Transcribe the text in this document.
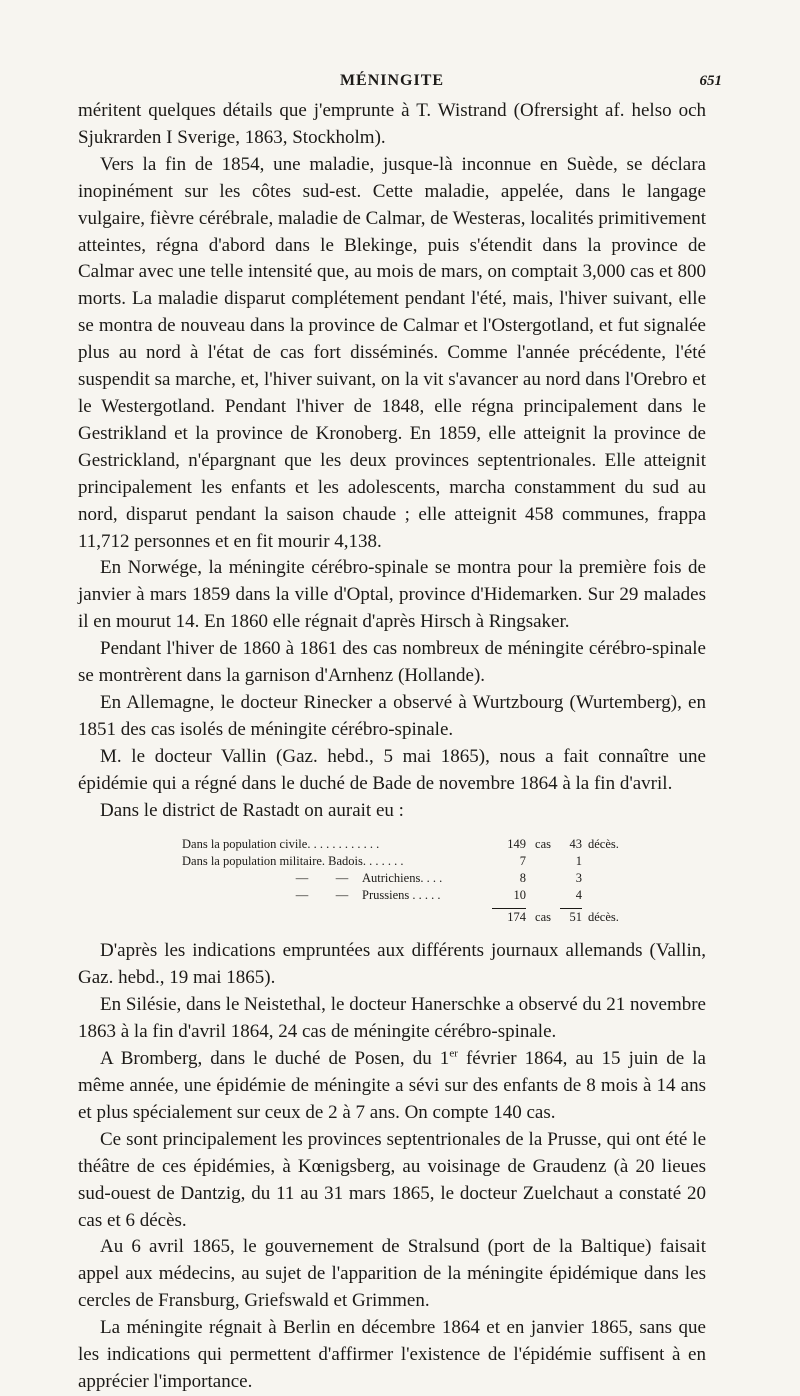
MÉNINGITE	651

méritent quelques détails que j'emprunte à T. Wistrand (Ofrersight af. helso och Sjukrarden I Sverige, 1863, Stockholm).

Vers la fin de 1854, une maladie, jusque-là inconnue en Suède, se déclara inopinément sur les côtes sud-est. Cette maladie, appelée, dans le langage vulgaire, fièvre cérébrale, maladie de Calmar, de Westeras, localités primitivement atteintes, régna d'abord dans le Blekinge, puis s'étendit dans la province de Calmar avec une telle intensité que, au mois de mars, on comptait 3,000 cas et 800 morts. La maladie disparut complétement pendant l'été, mais, l'hiver suivant, elle se montra de nouveau dans la province de Calmar et l'Ostergotland, et fut signalée plus au nord à l'état de cas fort disséminés. Comme l'année précédente, l'été suspendit sa marche, et, l'hiver suivant, on la vit s'avancer au nord dans l'Orebro et le Westergotland. Pendant l'hiver de 1848, elle régna principalement dans le Gestrikland et la province de Kronoberg. En 1859, elle atteignit la province de Gestrickland, n'épargnant que les deux provinces septentrionales. Elle atteignit principalement les enfants et les adolescents, marcha constamment du sud au nord, disparut pendant la saison chaude ; elle atteignit 458 communes, frappa 11,712 personnes et en fit mourir 4,138.

En Norwége, la méningite cérébro-spinale se montra pour la première fois de janvier à mars 1859 dans la ville d'Optal, province d'Hidemarken. Sur 29 malades il en mourut 14. En 1860 elle régnait d'après Hirsch à Ringsaker.

Pendant l'hiver de 1860 à 1861 des cas nombreux de méningite cérébro-spinale se montrèrent dans la garnison d'Arnhenz (Hollande).

En Allemagne, le docteur Rinecker a observé à Wurtzbourg (Wurtemberg), en 1851 des cas isolés de méningite cérébro-spinale.

M. le docteur Vallin (Gaz. hebd., 5 mai 1865), nous a fait connaître une épidémie qui a régné dans le duché de Bade de novembre 1864 à la fin d'avril.

Dans le district de Rastadt on aurait eu :

Dans la population civile. . . . . . . . . . . .	149 cas	43 décès.
Dans la population militaire. Badois. . . . . . .	7	1
— — Autrichiens. . . .	8	3
— — Prussiens . . . . .	10	4
174 cas	51 décès.

D'après les indications empruntées aux différents journaux allemands (Vallin, Gaz. hebd., 19 mai 1865).

En Silésie, dans le Neistethal, le docteur Hanerschke a observé du 21 novembre 1863 à la fin d'avril 1864, 24 cas de méningite cérébro-spinale.

A Bromberg, dans le duché de Posen, du 1er février 1864, au 15 juin de la même année, une épidémie de méningite a sévi sur des enfants de 8 mois à 14 ans et plus spécialement sur ceux de 2 à 7 ans. On compte 140 cas.

Ce sont principalement les provinces septentrionales de la Prusse, qui ont été le théâtre de ces épidémies, à Kœnigsberg, au voisinage de Graudenz (à 20 lieues sud-ouest de Dantzig, du 11 au 31 mars 1865, le docteur Zuelchaut a constaté 20 cas et 6 décès.

Au 6 avril 1865, le gouvernement de Stralsund (port de la Baltique) faisait appel aux médecins, au sujet de l'apparition de la méningite épidémique dans les cercles de Fransburg, Griefswald et Grimmen.

La méningite régnait à Berlin en décembre 1864 et en janvier 1865, sans que les indications qui permettent d'affirmer l'existence de l'épidémie suffisent à en apprécier l'importance.
